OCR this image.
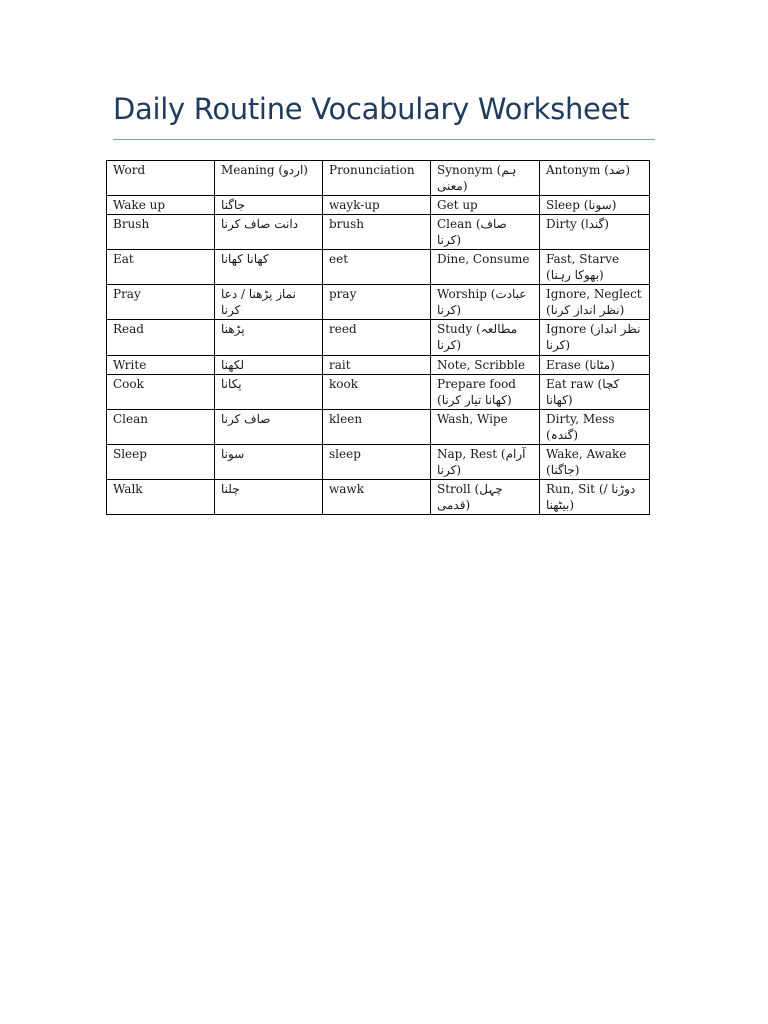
Daily Routine Vocabulary Worksheet
Word	Meaning (اردو)	Pronunciation	Synonym (ہم معنی)	Antonym (ضد)
Wake up	جاگنا	wayk-up	Get up	Sleep (سونا)
Brush	دانت صاف کرنا	brush	Clean (صاف کرنا)	Dirty (گندا)
Eat	کھانا کھانا	eet	Dine, Consume	Fast, Starve (بھوکا رہنا)
Pray	نماز پڑھنا / دعا کرنا	pray	Worship (عبادت کرنا)	Ignore, Neglect (نظر انداز کرنا)
Read	پڑھنا	reed	Study (مطالعہ کرنا)	Ignore (نظر انداز کرنا)
Write	لکھنا	rait	Note, Scribble	Erase (مٹانا)
Cook	پکانا	kook	Prepare food (کھانا تیار کرنا)	Eat raw (کچا کھانا)
Clean	صاف کرنا	kleen	Wash, Wipe	Dirty, Mess (گندہ)
Sleep	سونا	sleep	Nap, Rest (آرام کرنا)	Wake, Awake (جاگنا)
Walk	چلنا	wawk	Stroll (چہل قدمی)	Run, Sit (دوڑنا / بیٹھنا)
